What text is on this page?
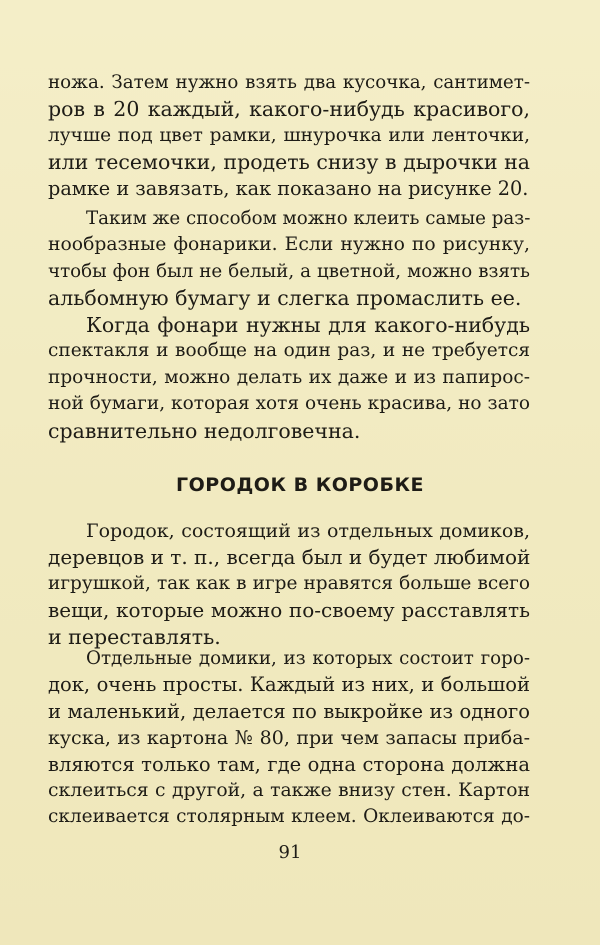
ножа. Затем нужно взять два кусочка, сантимет-
ров в 20 каждый, какого-нибудь красивого,
лучше под цвет рамки, шнурочка или ленточки,
или тесемочки, продеть снизу в дырочки на
рамке и завязать, как показано на рисунке 20.
Таким же способом можно клеить самые раз-
нообразные фонарики. Если нужно по рисунку,
чтобы фон был не белый, а цветной, можно взять
альбомную бумагу и слегка промаслить ее.
Когда фонари нужны для какого-нибудь
спектакля и вообще на один раз, и не требуется
прочности, можно делать их даже и из папирос-
ной бумаги, которая хотя очень красива, но зато
сравнительно недолговечна.
ГОРОДОК В КОРОБКЕ
Городок, состоящий из отдельных домиков,
деревцов и т. п., всегда был и будет любимой
игрушкой, так как в игре нравятся больше всего
вещи, которые можно по-своему расставлять
и переставлять.
Отдельные домики, из которых состоит горо-
док, очень просты. Каждый из них, и большой
и маленький, делается по выкройке из одного
куска, из картона № 80, при чем запасы приба-
вляются только там, где одна сторона должна
склеиться с другой, а также внизу стен. Картон
склеивается столярным клеем. Оклеиваются до-
91
